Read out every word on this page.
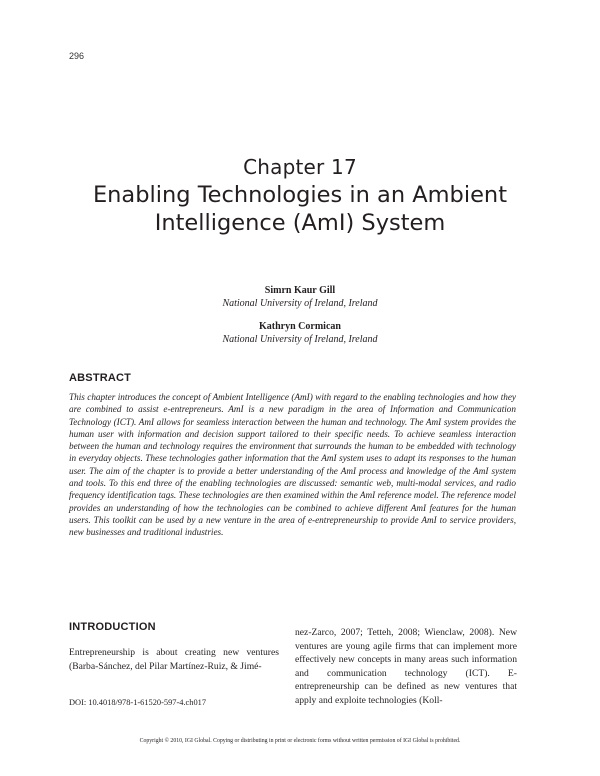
296
Chapter 17
Enabling Technologies in an Ambient Intelligence (AmI) System
Simrn Kaur Gill
National University of Ireland, Ireland
Kathryn Cormican
National University of Ireland, Ireland
ABSTRACT

This chapter introduces the concept of Ambient Intelligence (AmI) with regard to the enabling technologies and how they are combined to assist e-entrepreneurs. AmI is a new paradigm in the area of Information and Communication Technology (ICT). AmI allows for seamless interaction between the human and technology. The AmI system provides the human user with information and decision support tailored to their specific needs. To achieve seamless interaction between the human and technology requires the environment that surrounds the human to be embedded with technology in everyday objects. These technologies gather information that the AmI system uses to adapt its responses to the human user. The aim of the chapter is to provide a better understanding of the AmI process and knowledge of the AmI system and tools. To this end three of the enabling technologies are discussed: semantic web, multi-modal services, and radio frequency identification tags. These technologies are then examined within the AmI reference model. The reference model provides an understanding of how the technologies can be combined to achieve different AmI features for the human users. This toolkit can be used by a new venture in the area of e-entrepreneurship to provide AmI to service providers, new businesses and traditional industries.

INTRODUCTION

Entrepreneurship is about creating new ventures (Barba-Sánchez, del Pilar Martínez-Ruiz, & Jimé-

nez-Zarco, 2007; Tetteh, 2008; Wienclaw, 2008). New ventures are young agile firms that can implement more effectively new concepts in many areas such information and communication technology (ICT). E-entrepreneurship can be defined as new ventures that apply and exploite technologies (Koll-

DOI: 10.4018/978-1-61520-597-4.ch017
Copyright © 2010, IGI Global. Copying or distributing in print or electronic forms without written permission of IGI Global is prohibited.
